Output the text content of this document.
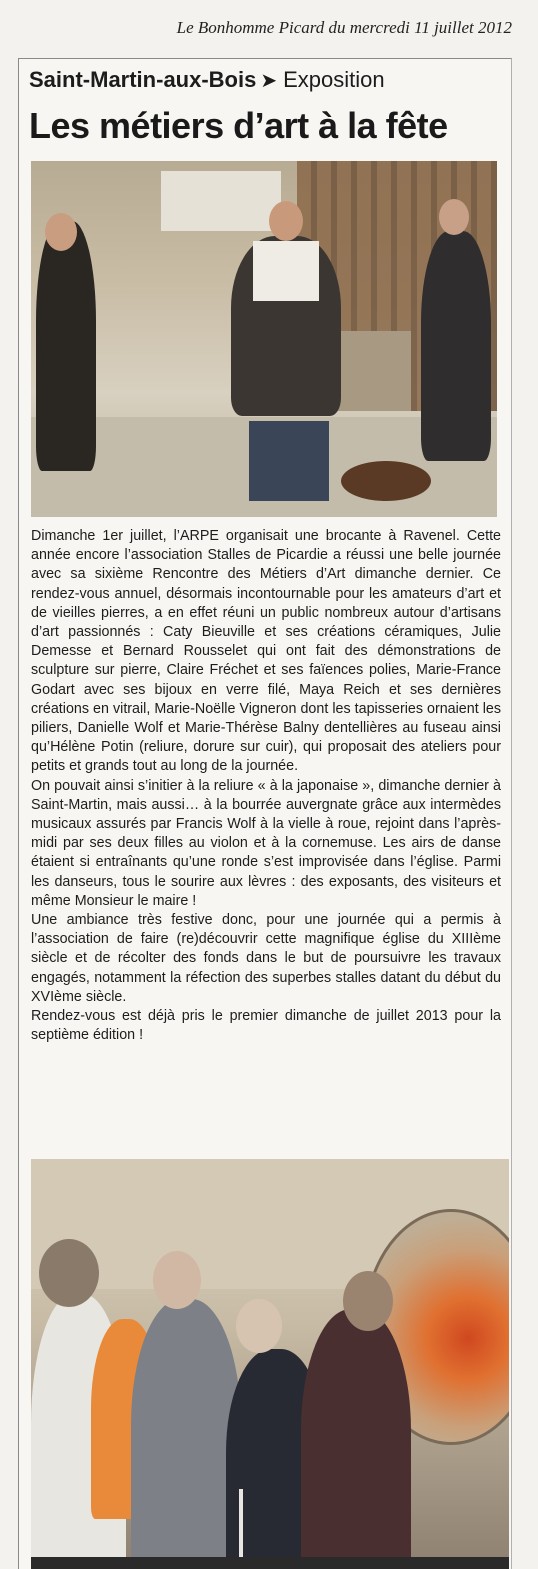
Le Bonhomme Picard du mercredi 11 juillet 2012
Saint-Martin-aux-Bois ➤ Exposition
Les métiers d’art à la fête

Dimanche 1er juillet, l’ARPE organisait une brocante à Ravenel. Cette année encore l’association Stalles de Picardie a réussi une belle journée avec sa sixième Rencontre des Métiers d’Art dimanche dernier. Ce rendez-vous annuel, désormais incontournable pour les amateurs d’art et de vieilles pierres, a en effet réuni un public nombreux autour d’artisans d’art passionnés : Caty Bieuville et ses créations céramiques, Julie Demesse et Bernard Rousselet qui ont fait des démonstrations de sculpture sur pierre, Claire Fréchet et ses faïences polies, Marie-France Godart avec ses bijoux en verre filé, Maya Reich et ses dernières créations en vitrail, Marie-Noëlle Vigneron dont les tapisseries ornaient les piliers, Danielle Wolf et Marie-Thérèse Balny dentellières au fuseau ainsi qu’Hélène Potin (reliure, dorure sur cuir), qui proposait des ateliers pour petits et grands tout au long de la journée.

On pouvait ainsi s’initier à la reliure « à la japonaise », dimanche dernier à Saint-Martin, mais aussi… à la bourrée auvergnate grâce aux intermèdes musicaux assurés par Francis Wolf à la vielle à roue, rejoint dans l’après-midi par ses deux filles au violon et à la cornemuse. Les airs de danse étaient si entraînants qu’une ronde s’est improvisée dans l’église. Parmi les danseurs, tous le sourire aux lèvres : des exposants, des visiteurs et même Monsieur le maire !

Une ambiance très festive donc, pour une journée qui a permis à l’association de faire (re)découvrir cette magnifique église du XIIIème siècle et de récolter des fonds dans le but de poursuivre les travaux engagés, notamment la réfection des superbes stalles datant du début du XVIème siècle.

Rendez-vous est déjà pris le premier dimanche de juillet 2013 pour la septième édition !
